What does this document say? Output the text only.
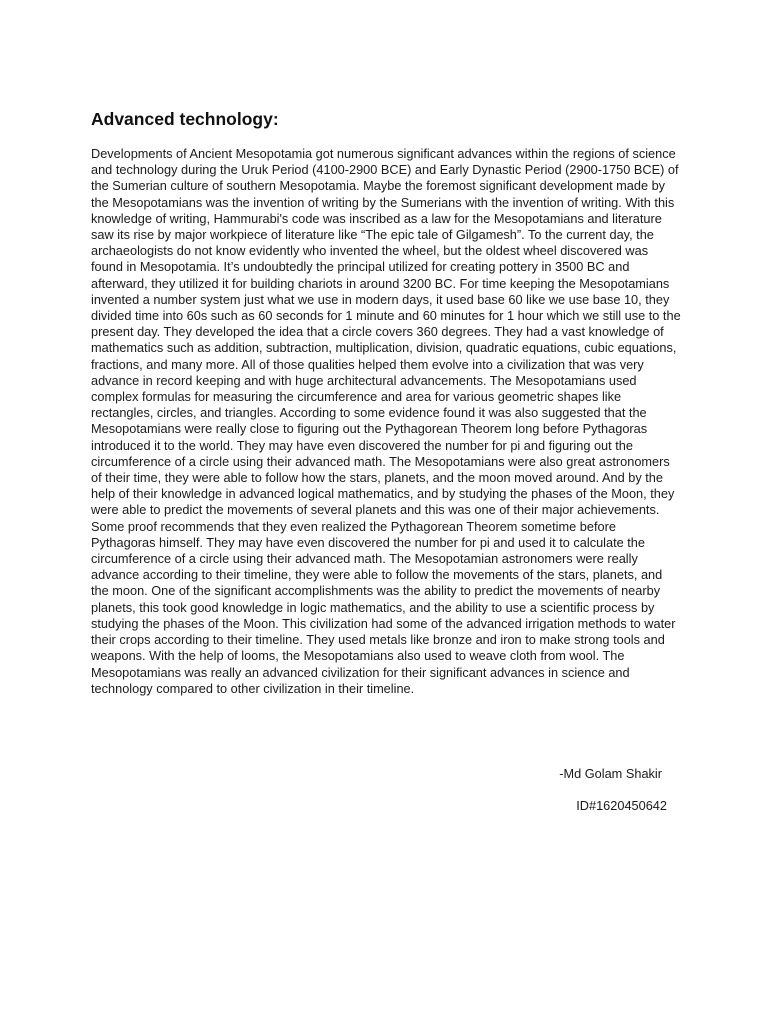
Advanced technology:

Developments of Ancient Mesopotamia got numerous significant advances within the regions of science and technology during the Uruk Period (4100-2900 BCE) and Early Dynastic Period (2900-1750 BCE) of the Sumerian culture of southern Mesopotamia. Maybe the foremost significant development made by the Mesopotamians was the invention of writing by the Sumerians with the invention of writing. With this knowledge of writing, Hammurabi's code was inscribed as a law for the Mesopotamians and literature saw its rise by major workpiece of literature like “The epic tale of Gilgamesh”. To the current day, the archaeologists do not know evidently who invented the wheel, but the oldest wheel discovered was found in Mesopotamia. It’s undoubtedly the principal utilized for creating pottery in 3500 BC and afterward, they utilized it for building chariots in around 3200 BC. For time keeping the Mesopotamians invented a number system just what we use in modern days, it used base 60 like we use base 10, they divided time into 60s such as 60 seconds for 1 minute and 60 minutes for 1 hour which we still use to the present day. They developed the idea that a circle covers 360 degrees. They had a vast knowledge of mathematics such as addition, subtraction, multiplication, division, quadratic equations, cubic equations, fractions, and many more. All of those qualities helped them evolve into a civilization that was very advance in record keeping and with huge architectural advancements. The Mesopotamians used complex formulas for measuring the circumference and area for various geometric shapes like rectangles, circles, and triangles. According to some evidence found it was also suggested that the Mesopotamians were really close to figuring out the Pythagorean Theorem long before Pythagoras introduced it to the world. They may have even discovered the number for pi and figuring out the circumference of a circle using their advanced math. The Mesopotamians were also great astronomers of their time, they were able to follow how the stars, planets, and the moon moved around. And by the help of their knowledge in advanced logical mathematics, and by studying the phases of the Moon, they were able to predict the movements of several planets and this was one of their major achievements. Some proof recommends that they even realized the Pythagorean Theorem sometime before Pythagoras himself. They may have even discovered the number for pi and used it to calculate the circumference of a circle using their advanced math. The Mesopotamian astronomers were really advance according to their timeline, they were able to follow the movements of the stars, planets, and the moon. One of the significant accomplishments was the ability to predict the movements of nearby planets, this took good knowledge in logic mathematics, and the ability to use a scientific process by studying the phases of the Moon. This civilization had some of the advanced irrigation methods to water their crops according to their timeline. They used metals like bronze and iron to make strong tools and weapons. With the help of looms, the Mesopotamians also used to weave cloth from wool. The Mesopotamians was really an advanced civilization for their significant advances in science and technology compared to other civilization in their timeline.

-Md Golam Shakir

ID#1620450642
